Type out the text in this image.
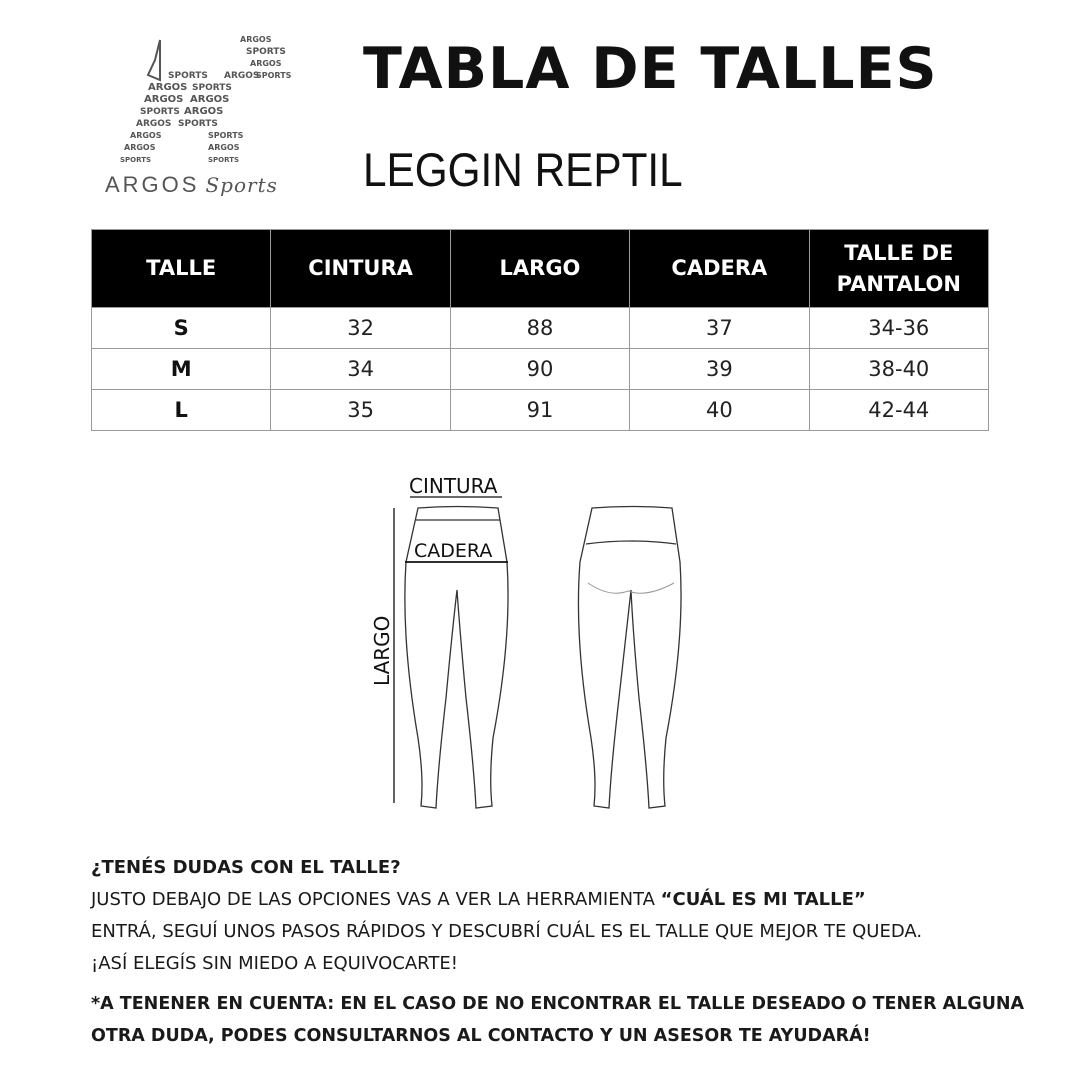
SPORTS
ARGOS SPORTS
ARGOS ARGOS
SPORTS ARGOS
ARGOS SPORTS
ARGOS	SPORTS
ARGOS	ARGOS
SPORTS	SPORTS
ARGOS
SPORTS
ARGOS
ARGOS
SPORTS
ARGOS Sports
TABLA DE TALLES
LEGGIN REPTIL
TALLE	CINTURA	LARGO	CADERA	TALLE DE PANTALON
S	32	88	37	34-36
M	34	90	39	38-40
L	35	91	40	42-44
CINTURA
CADERA
LARGO

¿TENÉS DUDAS CON EL TALLE?

JUSTO DEBAJO DE LAS OPCIONES VAS A VER LA HERRAMIENTA “CUÁL ES MI TALLE”

ENTRÁ, SEGUÍ UNOS PASOS RÁPIDOS Y DESCUBRÍ CUÁL ES EL TALLE QUE MEJOR TE QUEDA.

¡ASÍ ELEGÍS SIN MIEDO A EQUIVOCARTE!

*A TENENER EN CUENTA: EN EL CASO DE NO ENCONTRAR EL TALLE DESEADO O TENER ALGUNA

OTRA DUDA, PODES CONSULTARNOS AL CONTACTO Y UN ASESOR TE AYUDARÁ!
